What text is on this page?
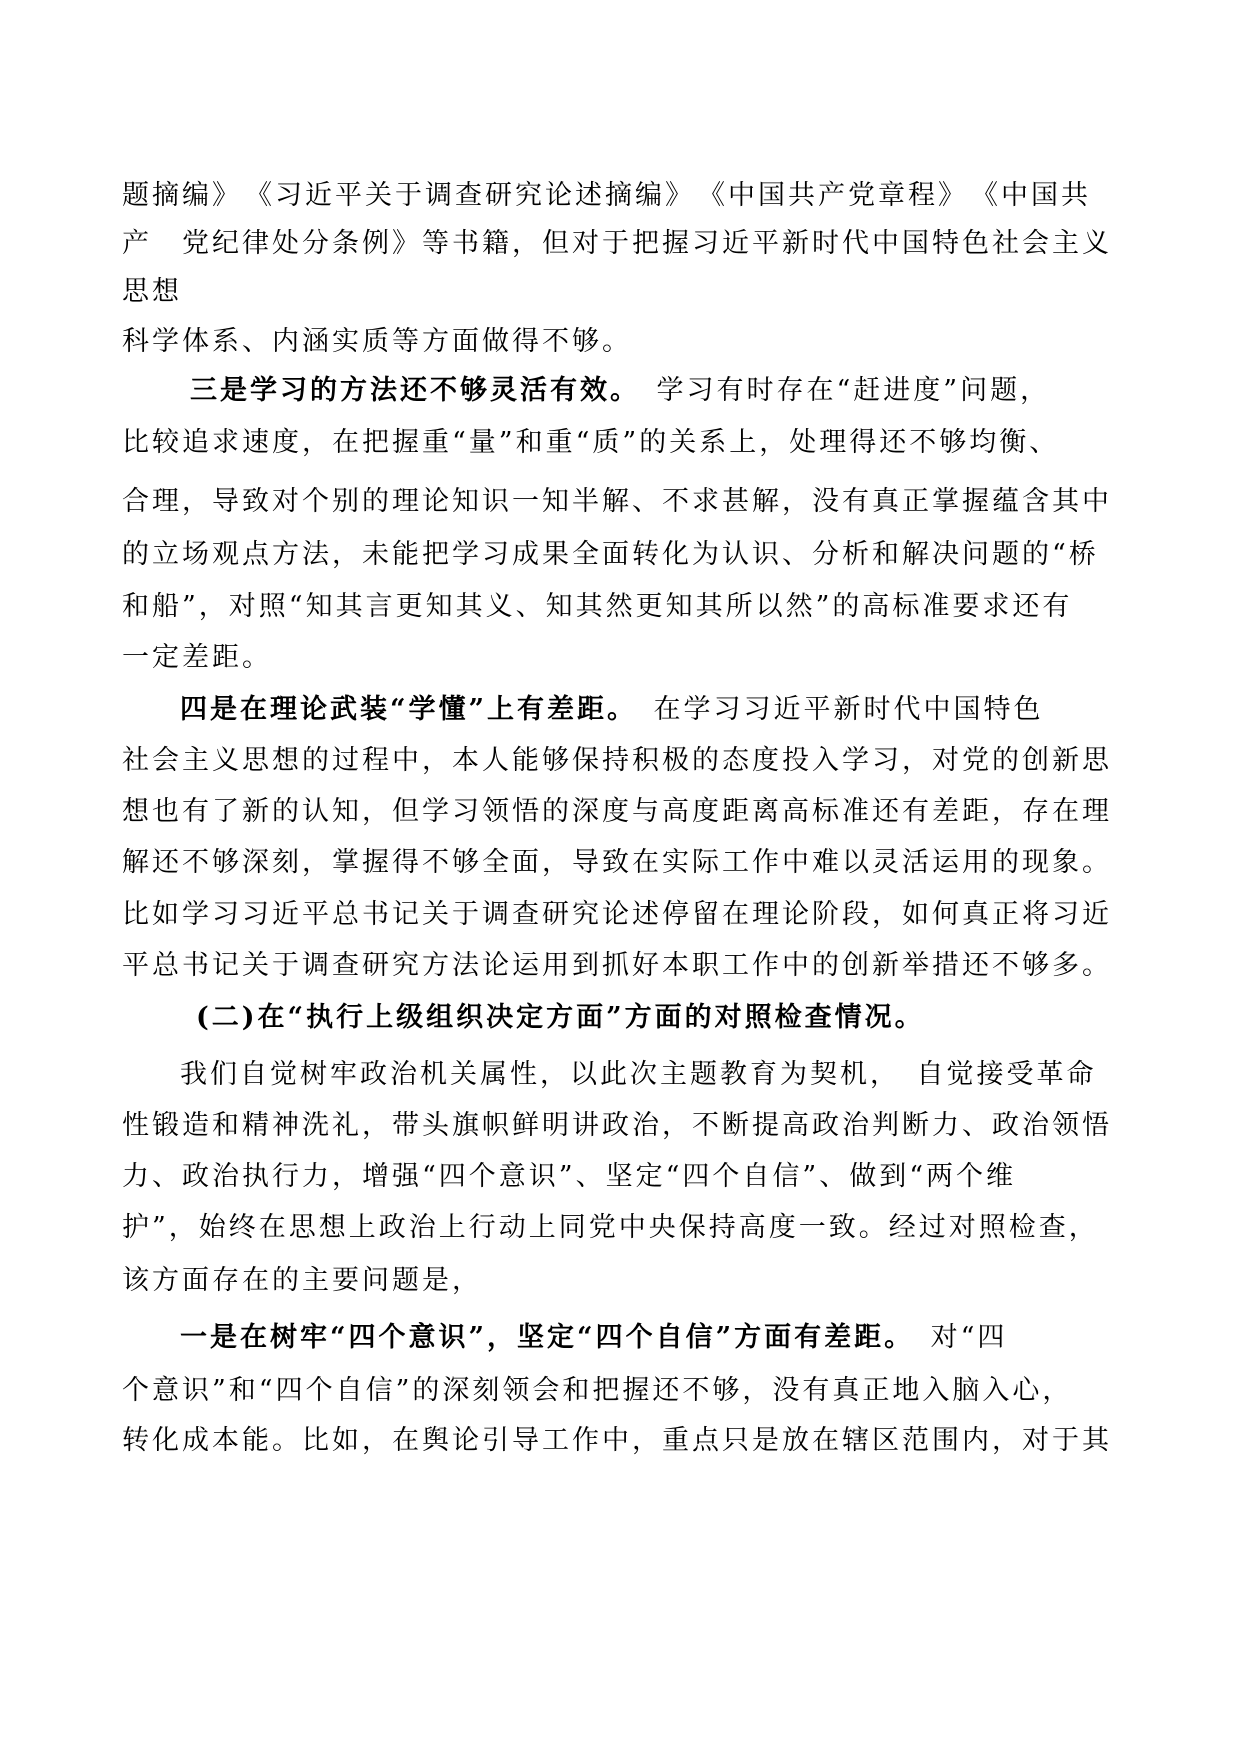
题摘编》　《习近平关于调查研究论述摘编》　《中国共产党章程》　《中国共
产　党纪律处分条例》等书籍，但对于把握习近平新时代中国特色社会主义
思想
科学体系、内涵实质等方面做得不够。
三是学习的方法还不够灵活有效。　学习有时存在“赶进度”问题，
比较追求速度，在把握重“量”和重“质”的关系上，处理得还不够均衡、
合理，导致对个别的理论知识一知半解、不求甚解，没有真正掌握蕴含其中
的立场观点方法，未能把学习成果全面转化为认识、分析和解决问题的“桥
和船”，对照“知其言更知其义、知其然更知其所以然”的高标准要求还有
一定差距。
四是在理论武装“学懂”上有差距。　在学习习近平新时代中国特色
社会主义思想的过程中，本人能够保持积极的态度投入学习，对党的创新思
想也有了新的认知，但学习领悟的深度与高度距离高标准还有差距，存在理
解还不够深刻，掌握得不够全面，导致在实际工作中难以灵活运用的现象。
比如学习习近平总书记关于调查研究论述停留在理论阶段，如何真正将习近
平总书记关于调查研究方法论运用到抓好本职工作中的创新举措还不够多。
(二)在“执行上级组织决定方面”方面的对照检查情况。
我们自觉树牢政治机关属性，以此次主题教育为契机，　自觉接受革命
性锻造和精神洗礼，带头旗帜鲜明讲政治，不断提高政治判断力、政治领悟
力、政治执行力，增强“四个意识”、坚定“四个自信”、做到“两个维
护”，始终在思想上政治上行动上同党中央保持高度一致。经过对照检查，
该方面存在的主要问题是，
一是在树牢“四个意识”，坚定“四个自信”方面有差距。　对“四
个意识”和“四个自信”的深刻领会和把握还不够，没有真正地入脑入心，
转化成本能。比如，在舆论引导工作中，重点只是放在辖区范围内，对于其
